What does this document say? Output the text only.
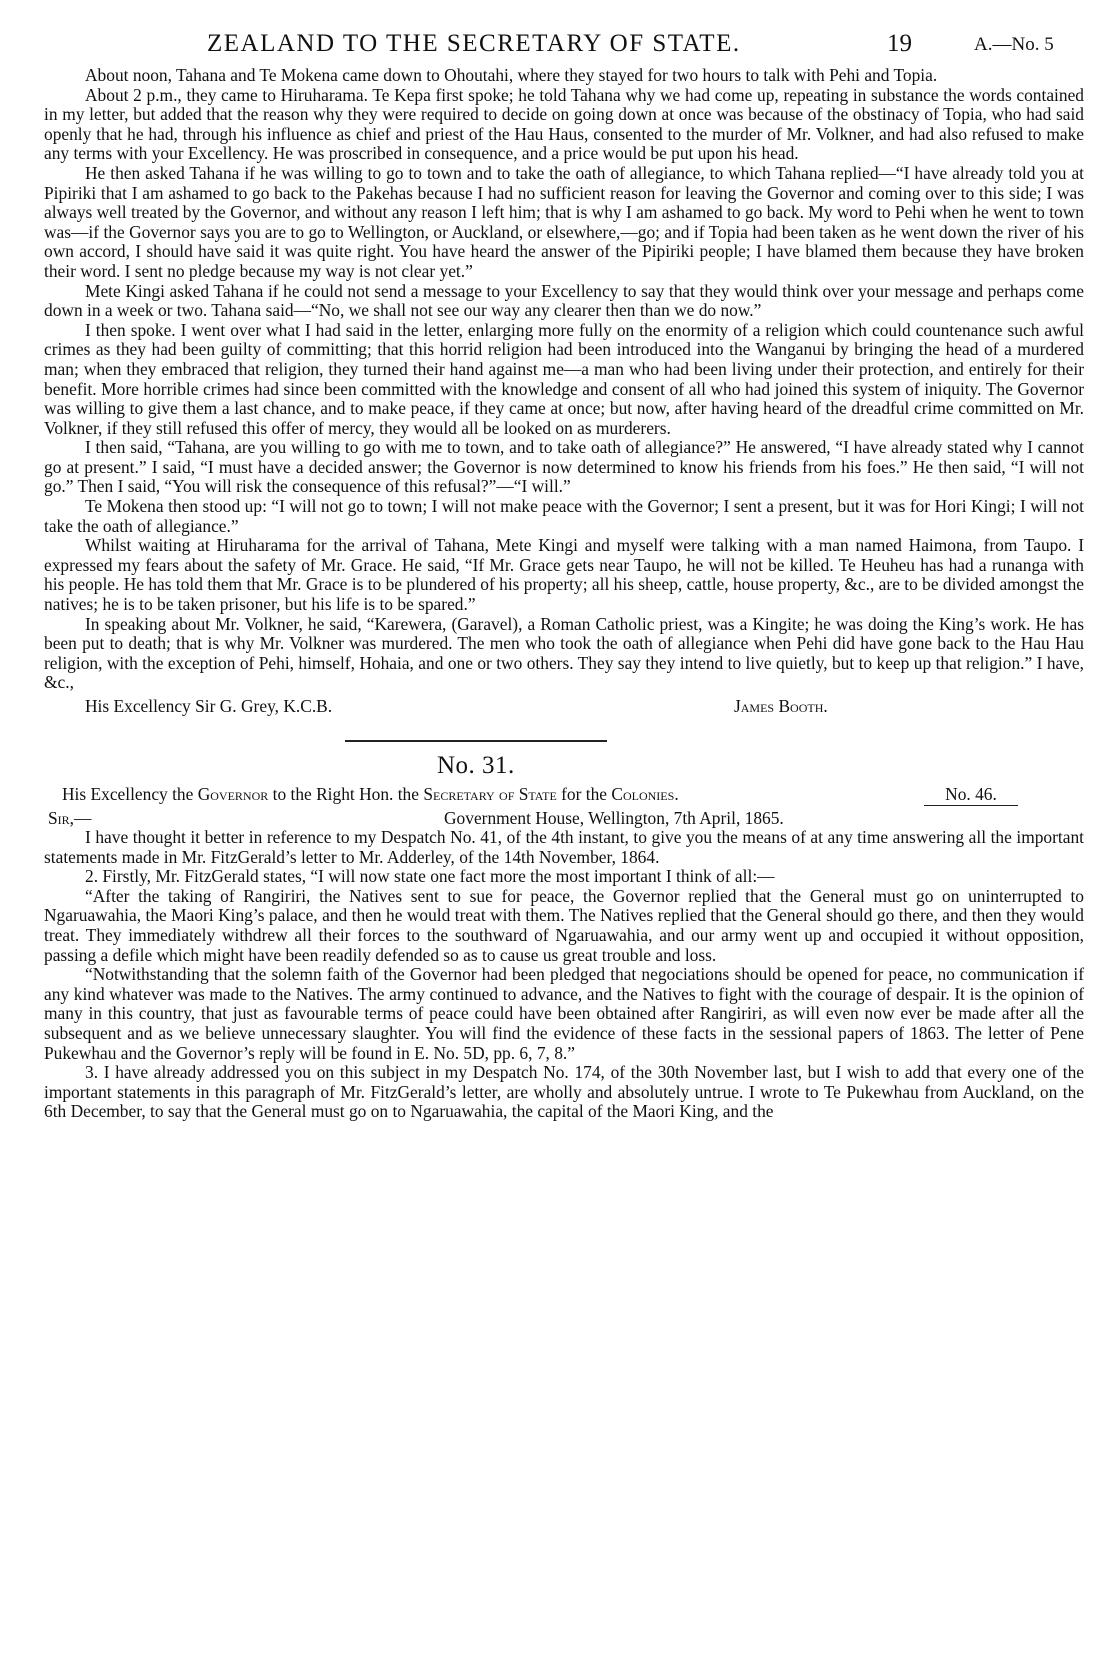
ZEALAND TO THE SECRETARY OF STATE.	19	A.—No. 5

About noon, Tahana and Te Mokena came down to Ohoutahi, where they stayed for two hours to talk with Pehi and Topia.

About 2 p.m., they came to Hiruharama. Te Kepa first spoke; he told Tahana why we had come up, repeating in substance the words contained in my letter, but added that the reason why they were required to decide on going down at once was because of the obstinacy of Topia, who had said openly that he had, through his influence as chief and priest of the Hau Haus, consented to the murder of Mr. Volkner, and had also refused to make any terms with your Excellency. He was proscribed in consequence, and a price would be put upon his head.

He then asked Tahana if he was willing to go to town and to take the oath of allegiance, to which Tahana replied—“I have already told you at Pipiriki that I am ashamed to go back to the Pakehas because I had no sufficient reason for leaving the Governor and coming over to this side; I was always well treated by the Governor, and without any reason I left him; that is why I am ashamed to go back. My word to Pehi when he went to town was—if the Governor says you are to go to Wellington, or Auckland, or elsewhere,—go; and if Topia had been taken as he went down the river of his own accord, I should have said it was quite right. You have heard the answer of the Pipiriki people; I have blamed them because they have broken their word. I sent no pledge because my way is not clear yet.”

Mete Kingi asked Tahana if he could not send a message to your Excellency to say that they would think over your message and perhaps come down in a week or two. Tahana said—“No, we shall not see our way any clearer then than we do now.”

I then spoke. I went over what I had said in the letter, enlarging more fully on the enormity of a religion which could countenance such awful crimes as they had been guilty of committing; that this horrid religion had been introduced into the Wanganui by bringing the head of a murdered man; when they embraced that religion, they turned their hand against me—a man who had been living under their protection, and entirely for their benefit. More horrible crimes had since been committed with the knowledge and consent of all who had joined this system of iniquity. The Governor was willing to give them a last chance, and to make peace, if they came at once; but now, after having heard of the dreadful crime committed on Mr. Volkner, if they still refused this offer of mercy, they would all be looked on as murderers.

I then said, “Tahana, are you willing to go with me to town, and to take oath of allegiance?” He answered, “I have already stated why I cannot go at present.” I said, “I must have a decided answer; the Governor is now determined to know his friends from his foes.” He then said, “I will not go.” Then I said, “You will risk the consequence of this refusal?”—“I will.”

Te Mokena then stood up: “I will not go to town; I will not make peace with the Governor; I sent a present, but it was for Hori Kingi; I will not take the oath of allegiance.”

Whilst waiting at Hiruharama for the arrival of Tahana, Mete Kingi and myself were talking with a man named Haimona, from Taupo. I expressed my fears about the safety of Mr. Grace. He said, “If Mr. Grace gets near Taupo, he will not be killed. Te Heuheu has had a runanga with his people. He has told them that Mr. Grace is to be plundered of his property; all his sheep, cattle, house property, &c., are to be divided amongst the natives; he is to be taken prisoner, but his life is to be spared.”

In speaking about Mr. Volkner, he said, “Karewera, (Garavel), a Roman Catholic priest, was a Kingite; he was doing the King’s work. He has been put to death; that is why Mr. Volkner was murdered. The men who took the oath of allegiance when Pehi did have gone back to the Hau Hau religion, with the exception of Pehi, himself, Hohaia, and one or two others. They say they intend to live quietly, but to keep up that religion.” I have, &c.,

His Excellency Sir G. Grey, K.C.B.	James Booth.
No. 31.
His Excellency the Governor to the Right Hon. the Secretary of State for the Colonies.	No. 46.
Sir,—	Government House, Wellington, 7th April, 1865.

I have thought it better in reference to my Despatch No. 41, of the 4th instant, to give you the means of at any time answering all the important statements made in Mr. FitzGerald’s letter to Mr. Adderley, of the 14th November, 1864.

2. Firstly, Mr. FitzGerald states, “I will now state one fact more the most important I think of all:—

“After the taking of Rangiriri, the Natives sent to sue for peace, the Governor replied that the General must go on uninterrupted to Ngaruawahia, the Maori King’s palace, and then he would treat with them. The Natives replied that the General should go there, and then they would treat. They immediately withdrew all their forces to the southward of Ngaruawahia, and our army went up and occupied it without opposition, passing a defile which might have been readily defended so as to cause us great trouble and loss.

“Notwithstanding that the solemn faith of the Governor had been pledged that negociations should be opened for peace, no communication if any kind whatever was made to the Natives. The army continued to advance, and the Natives to fight with the courage of despair. It is the opinion of many in this country, that just as favourable terms of peace could have been obtained after Rangiriri, as will even now ever be made after all the subsequent and as we believe unnecessary slaughter. You will find the evidence of these facts in the sessional papers of 1863. The letter of Pene Pukewhau and the Governor’s reply will be found in E. No. 5D, pp. 6, 7, 8.”

3. I have already addressed you on this subject in my Despatch No. 174, of the 30th November last, but I wish to add that every one of the important statements in this paragraph of Mr. FitzGerald’s letter, are wholly and absolutely untrue. I wrote to Te Pukewhau from Auckland, on the 6th December, to say that the General must go on to Ngaruawahia, the capital of the Maori King, and the
